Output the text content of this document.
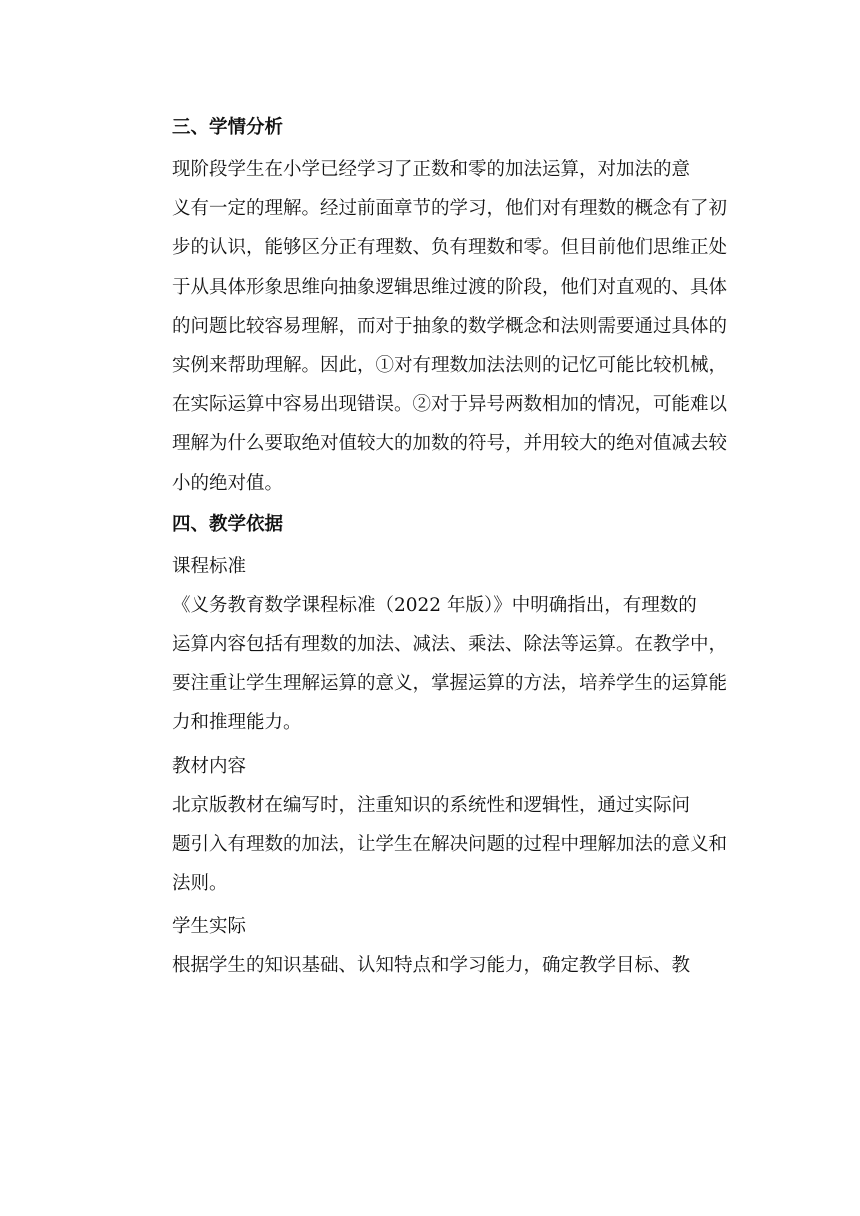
三、学情分析

现阶段学生在小学已经学习了正数和零的加法运算，对加法的意
义有一定的理解。经过前面章节的学习，他们对有理数的概念有了初
步的认识，能够区分正有理数、负有理数和零。但目前他们思维正处
于从具体形象思维向抽象逻辑思维过渡的阶段，他们对直观的、具体
的问题比较容易理解，而对于抽象的数学概念和法则需要通过具体的
实例来帮助理解。因此，①对有理数加法法则的记忆可能比较机械，
在实际运算中容易出现错误。②对于异号两数相加的情况，可能难以
理解为什么要取绝对值较大的加数的符号，并用较大的绝对值减去较
小的绝对值。

四、教学依据

课程标准

《义务教育数学课程标准（2022 年版）》中明确指出，有理数的
运算内容包括有理数的加法、减法、乘法、除法等运算。在教学中，
要注重让学生理解运算的意义，掌握运算的方法，培养学生的运算能
力和推理能力。

教材内容

北京版教材在编写时，注重知识的系统性和逻辑性，通过实际问
题引入有理数的加法，让学生在解决问题的过程中理解加法的意义和
法则。

学生实际

根据学生的知识基础、认知特点和学习能力，确定教学目标、教
